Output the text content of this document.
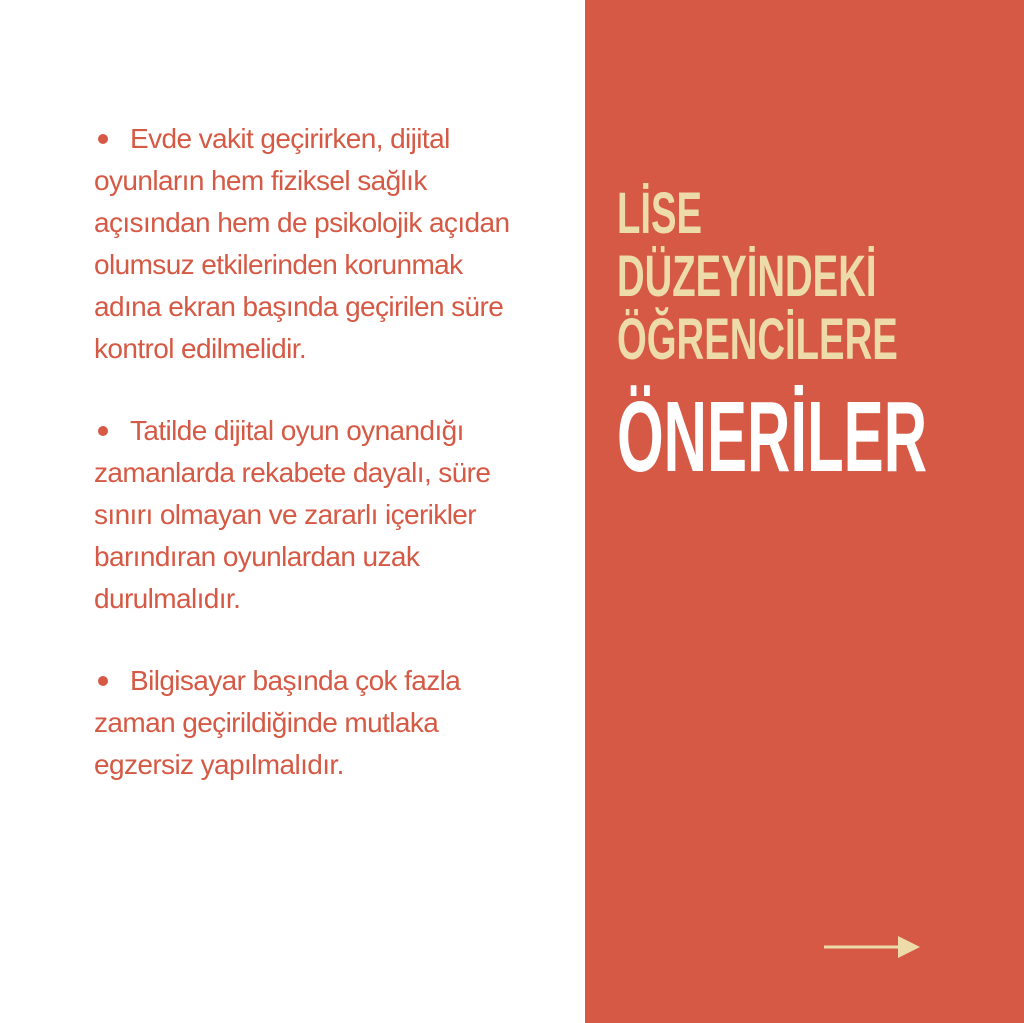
Evde vakit geçirirken, dijital oyunların hem fiziksel sağlık açısından hem de psikolojik açıdan olumsuz etkilerinden korunmak adına ekran başında geçirilen süre kontrol edilmelidir.
Tatilde dijital oyun oynandığı zamanlarda rekabete dayalı, süre sınırı olmayan ve zararlı içerikler barındıran oyunlardan uzak durulmalıdır.
Bilgisayar başında çok fazla zaman geçirildiğinde mutlaka egzersiz yapılmalıdır.
LİSE
DÜZEYİNDEKİ
ÖĞRENCİLERE
ÖNERİLER
